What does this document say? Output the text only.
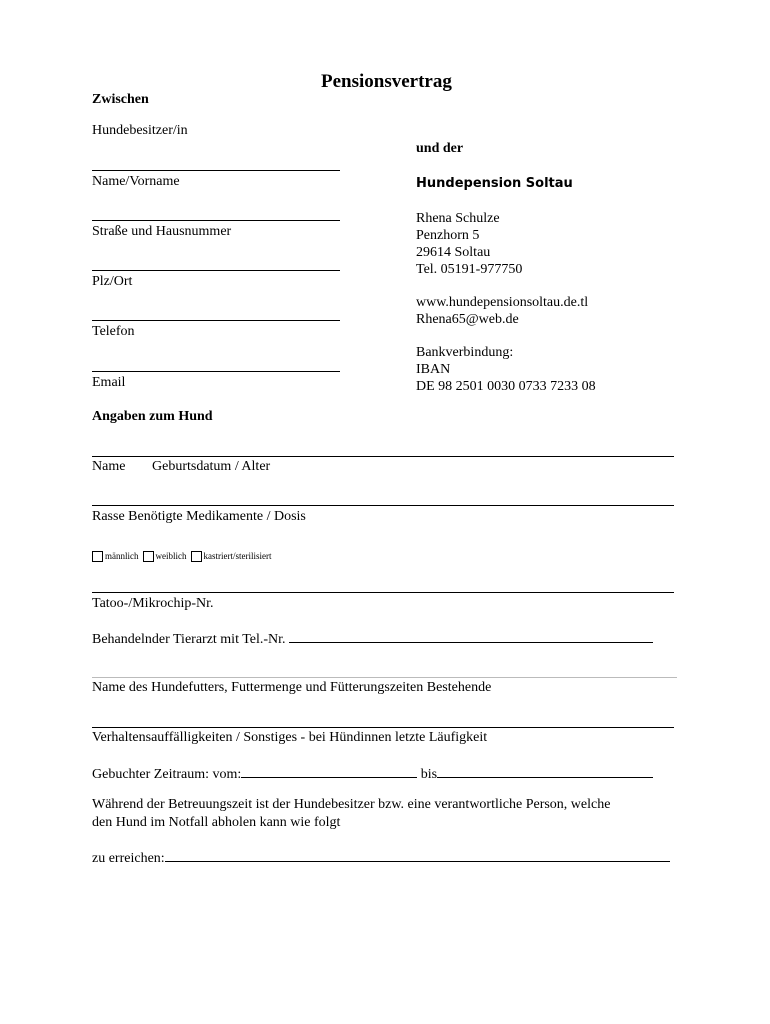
Pensionsvertrag
Zwischen
Hundebesitzer/in
Name/Vorname
Straße und Hausnummer
Plz/Ort
Telefon
Email
und der
Hundepension Soltau
Rhena Schulze
Penzhorn 5
29614 Soltau
Tel. 05191-977750
www.hundepensionsoltau.de.tl
Rhena65@web.de
Bankverbindung:
IBAN
DE 98 2501 0030 0733 7233 08
Angaben zum Hund
Name Geburtsdatum / Alter
Rasse Benötigte Medikamente / Dosis
männlich weiblich kastriert/sterilisiert
Tatoo-/Mikrochip-Nr.
Behandelnder Tierarzt mit Tel.-Nr.
Name des Hundefutters, Futtermenge und Fütterungszeiten Bestehende
Verhaltensauffälligkeiten / Sonstiges - bei Hündinnen letzte Läufigkeit
Gebuchter Zeitraum: vom:	bis
Während der Betreuungszeit ist der Hundebesitzer bzw. eine verantwortliche Person, welche
den Hund im Notfall abholen kann wie folgt
zu erreichen:
